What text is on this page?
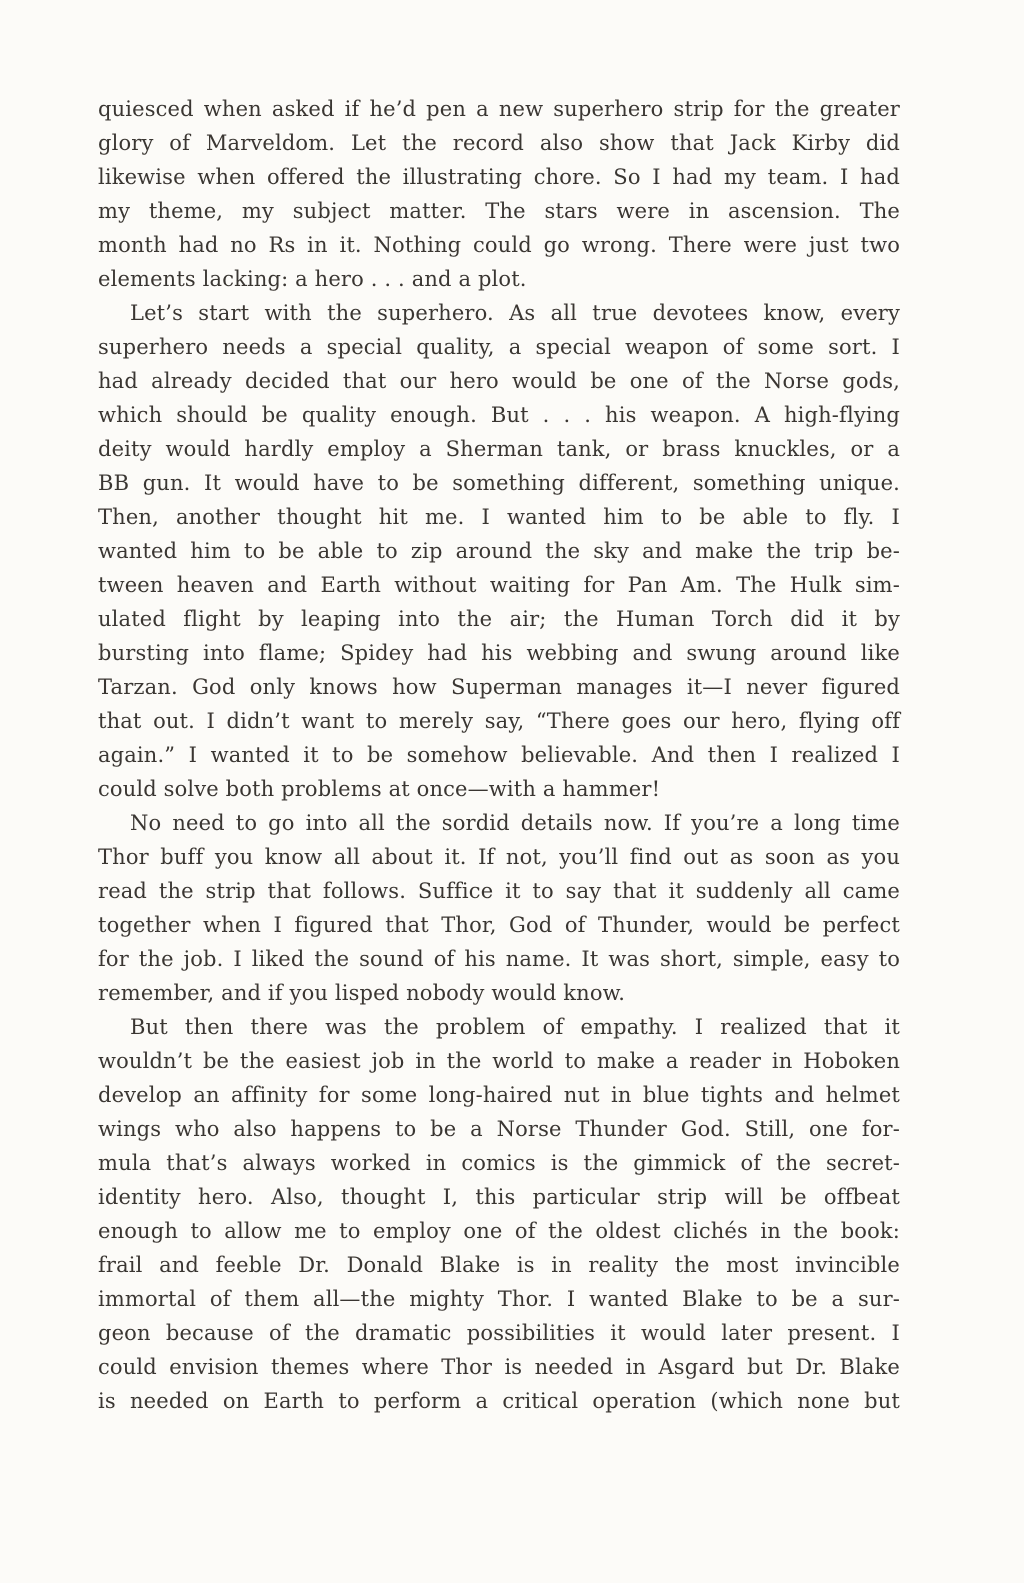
quiesced when asked if he’d pen a new superhero strip for the greater
glory of Marveldom. Let the record also show that Jack Kirby did
likewise when offered the illustrating chore. So I had my team. I had
my theme, my subject matter. The stars were in ascension. The
month had no Rs in it. Nothing could go wrong. There were just two
elements lacking: a hero . . . and a plot.

Let’s start with the superhero. As all true devotees know, every
superhero needs a special quality, a special weapon of some sort. I
had already decided that our hero would be one of the Norse gods,
which should be quality enough. But . . . his weapon. A high-flying
deity would hardly employ a Sherman tank, or brass knuckles, or a
BB gun. It would have to be something different, something unique.
Then, another thought hit me. I wanted him to be able to fly. I
wanted him to be able to zip around the sky and make the trip be-
tween heaven and Earth without waiting for Pan Am. The Hulk sim-
ulated flight by leaping into the air; the Human Torch did it by
bursting into flame; Spidey had his webbing and swung around like
Tarzan. God only knows how Superman manages it—I never figured
that out. I didn’t want to merely say, “There goes our hero, flying off
again.” I wanted it to be somehow believable. And then I realized I
could solve both problems at once—with a hammer!

No need to go into all the sordid details now. If you’re a long time
Thor buff you know all about it. If not, you’ll find out as soon as you
read the strip that follows. Suffice it to say that it suddenly all came
together when I figured that Thor, God of Thunder, would be perfect
for the job. I liked the sound of his name. It was short, simple, easy to
remember, and if you lisped nobody would know.

But then there was the problem of empathy. I realized that it
wouldn’t be the easiest job in the world to make a reader in Hoboken
develop an affinity for some long-haired nut in blue tights and helmet
wings who also happens to be a Norse Thunder God. Still, one for-
mula that’s always worked in comics is the gimmick of the secret-
identity hero. Also, thought I, this particular strip will be offbeat
enough to allow me to employ one of the oldest clichés in the book:
frail and feeble Dr. Donald Blake is in reality the most invincible
immortal of them all—the mighty Thor. I wanted Blake to be a sur-
geon because of the dramatic possibilities it would later present. I
could envision themes where Thor is needed in Asgard but Dr. Blake
is needed on Earth to perform a critical operation (which none but
